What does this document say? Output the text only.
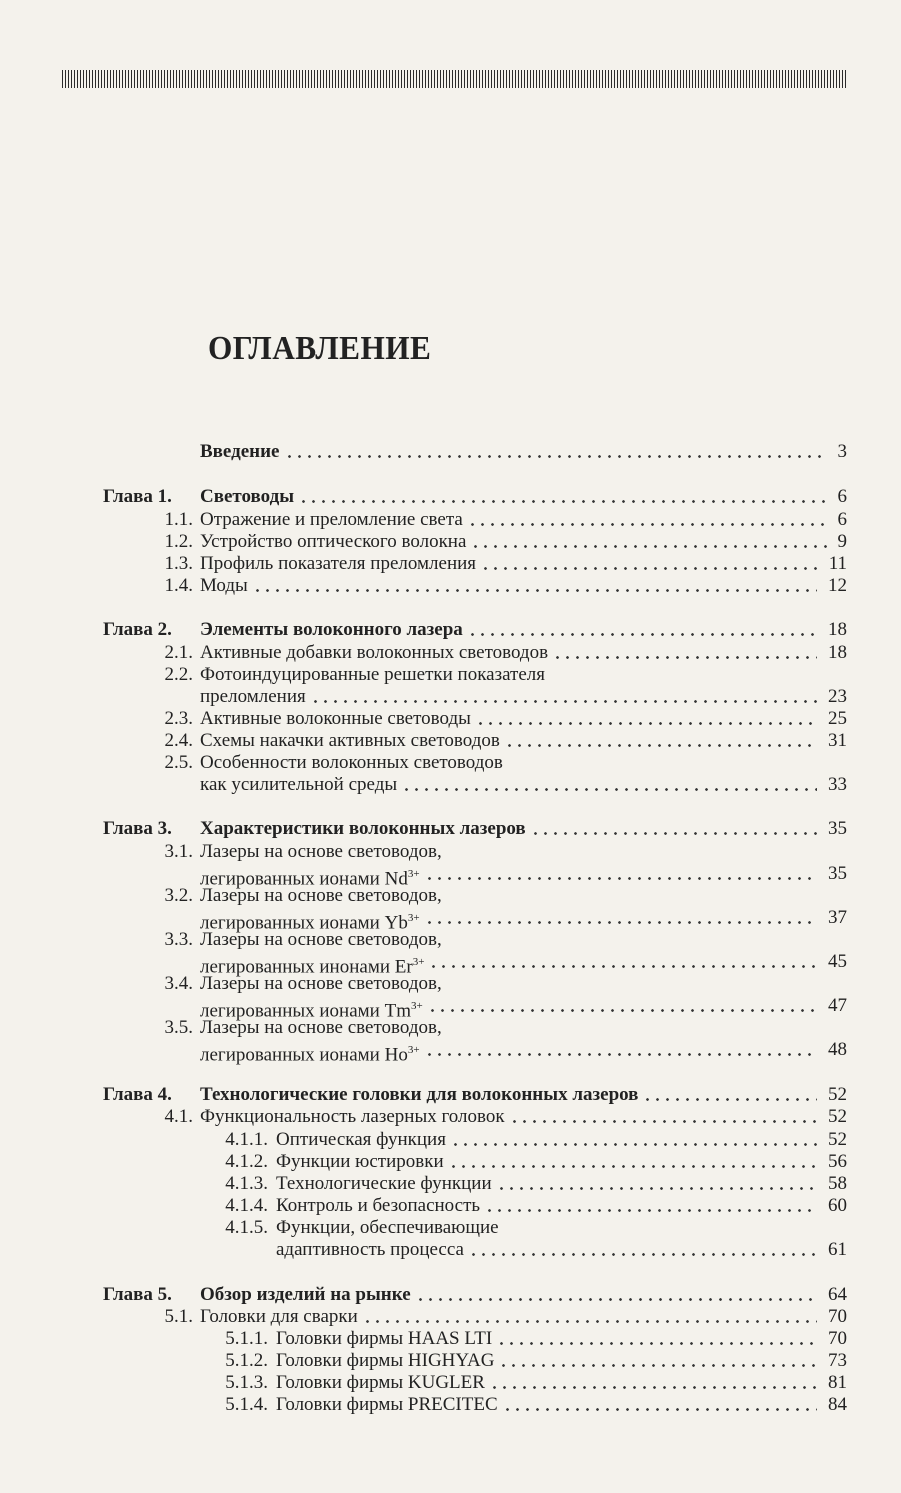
ОГЛАВЛЕНИЕ
Введение	3
Глава 1. Световоды	6
1.1. Отражение и преломление света	6
1.2. Устройство оптического волокна	9
1.3. Профиль показателя преломления	11
1.4. Моды	12
Глава 2. Элементы волоконного лазера	18
2.1. Активные добавки волоконных световодов	18
2.2. Фотоиндуцированные решетки показателя
преломления	23
2.3. Активные волоконные световоды	25
2.4. Схемы накачки активных световодов	31
2.5. Особенности волоконных световодов
как усилительной среды	33
Глава 3. Характеристики волоконных лазеров	35
3.1. Лазеры на основе световодов,
легированных ионами $Nd^{3+}$	35
3.2. Лазеры на основе световодов,
легированных ионами $Yb^{3+}$	37
3.3. Лазеры на основе световодов,
легированных инонами $Er^{3+}$	45
3.4. Лазеры на основе световодов,
легированных ионами $Tm^{3+}$	47
3.5. Лазеры на основе световодов,
легированных ионами $Ho^{3+}$	48
Глава 4. Технологические головки для волоконных лазеров	52
4.1. Функциональность лазерных головок	52
4.1.1. Оптическая функция	52
4.1.2. Функции юстировки	56
4.1.3. Технологические функции	58
4.1.4. Контроль и безопасность	60
4.1.5. Функции, обеспечивающие
адаптивность процесса	61
Глава 5. Обзор изделий на рынке	64
5.1. Головки для сварки	70
5.1.1. Головки фирмы HAAS LTI	70
5.1.2. Головки фирмы HIGHYAG	73
5.1.3. Головки фирмы KUGLER	81
5.1.4. Головки фирмы PRECITEC	84
